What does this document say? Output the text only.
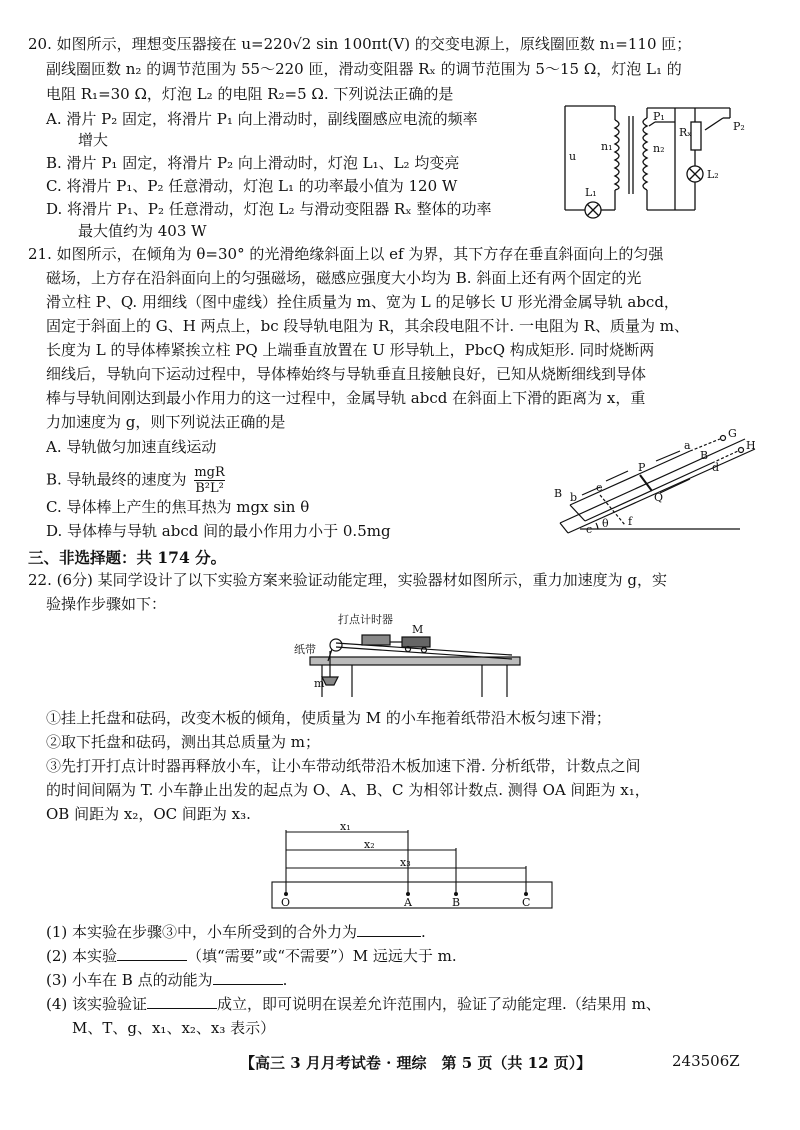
20. 如图所示，理想变压器接在 u=220√2 sin 100πt(V) 的交变电源上，原线圈匝数 n₁=110 匝；
副线圈匝数 n₂ 的调节范围为 55～220 匝，滑动变阻器 Rₓ 的调节范围为 5～15 Ω，灯泡 L₁ 的
电阻 R₁=30 Ω，灯泡 L₂ 的电阻 R₂=5 Ω. 下列说法正确的是
A. 滑片 P₂ 固定，将滑片 P₁ 向上滑动时，副线圈感应电流的频率
增大
B. 滑片 P₁ 固定，将滑片 P₂ 向上滑动时，灯泡 L₁、L₂ 均变亮
C. 将滑片 P₁、P₂ 任意滑动，灯泡 L₁ 的功率最小值为 120 W
D. 将滑片 P₁、P₂ 任意滑动，灯泡 L₂ 与滑动变阻器 Rₓ 整体的功率
最大值约为 403 W
u
n₁	n₂
P₁
Rₓ	P₂
L₂
L₁
21. 如图所示，在倾角为 θ=30° 的光滑绝缘斜面上以 ef 为界，其下方存在垂直斜面向上的匀强
磁场，上方存在沿斜面向上的匀强磁场，磁感应强度大小均为 B. 斜面上还有两个固定的光
滑立柱 P、Q. 用细线（图中虚线）拴住质量为 m、宽为 L 的足够长 U 形光滑金属导轨 abcd，
固定于斜面上的 G、H 两点上，bc 段导轨电阻为 R，其余段电阻不计. 一电阻为 R、质量为 m、
长度为 L 的导体棒紧挨立柱 PQ 上端垂直放置在 U 形导轨上，PbcQ 构成矩形. 同时烧断两
细线后，导轨向下运动过程中，导体棒始终与导轨垂直且接触良好，已知从烧断细线到导体
棒与导轨间刚达到最小作用力的这一过程中，金属导轨 abcd 在斜面上下滑的距离为 x，重
力加速度为 g，则下列说法正确的是
A. 导轨做匀加速直线运动
B. 导轨最终的速度为 mgR
B²L²
C. 导体棒上产生的焦耳热为 mgx sin θ
D. 导体棒与导轨 abcd 间的最小作用力小于 0.5mg
G
H
P
Q
a
b
c
d
e
f
B
B
θ
三、非选择题：共 174 分。
22. (6分) 某同学设计了以下实验方案来验证动能定理，实验器材如图所示，重力加速度为 g，实
验操作步骤如下：
打点计时器
纸带
M
m
①挂上托盘和砝码，改变木板的倾角，使质量为 M 的小车拖着纸带沿木板匀速下滑；
②取下托盘和砝码，测出其总质量为 m；
③先打开打点计时器再释放小车，让小车带动纸带沿木板加速下滑. 分析纸带，计数点之间
的时间间隔为 T. 小车静止出发的起点为 O、A、B、C 为相邻计数点. 测得 OA 间距为 x₁，
OB 间距为 x₂，OC 间距为 x₃.
x₁
x₂
x₃
O	A	B	C
(1) 本实验在步骤③中，小车所受到的合外力为	.
(2) 本实验	（填“需要”或“不需要”）M 远远大于 m.
(3) 小车在 B 点的动能为	.
(4) 该实验验证	成立，即可说明在误差允许范围内，验证了动能定理.（结果用 m、
M、T、g、x₁、x₂、x₃ 表示）
【高三 3 月月考试卷 · 理综　第 5 页（共 12 页）】	243506Z
